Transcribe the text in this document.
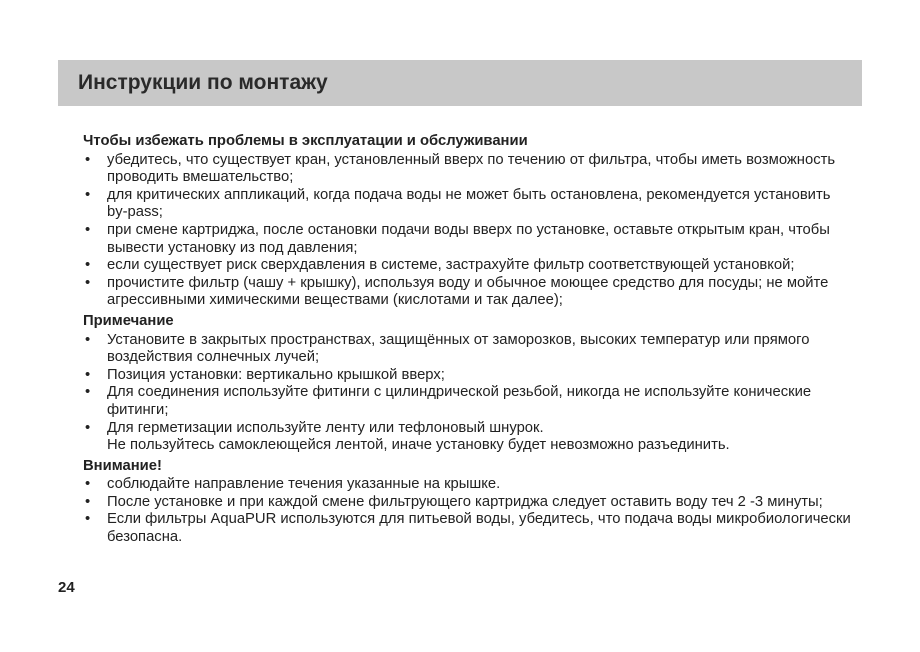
Инструкции по монтажу

Чтобы избежать проблемы в эксплуатации и обслуживании

• убедитесь, что существует кран, установленный вверх по течению от фильтра, чтобы иметь возможность проводить вмешательство;
• для критических аппликаций, когда подача воды не может быть остановлена, рекомендуется установить by-pass;
• при смене картриджа, после остановки подачи воды вверх по установке, оставьте открытым кран, чтобы вывести установку из под давления;
• если существует риск сверхдавления в системе, застрахуйте фильтр соответствующей установкой;
• прочистите фильтр (чашу + крышку), используя воду и обычное моющее средство для посуды; не мойте агрессивными химическими веществами (кислотами и так далее);

Примечание

• Установите в закрытых пространствах, защищённых от заморозков, высоких температур или прямого воздействия солнечных лучей;
• Позиция установки: вертикально крышкой вверх;
• Для соединения используйте фитинги с цилиндрической резьбой, никогда не используйте конические фитинги;
• Для герметизации используйте ленту или тефлоновый шнурок.
Не пользуйтесь самоклеющейся лентой, иначе установку будет невозможно разъединить.

Внимание!

• соблюдайте направление течения указанные на крышке.
• После установке и при каждой смене фильтрующего картриджа следует оставить воду теч 2 -3 минуты;
• Если фильтры AquaPUR используются для питьевой воды, убедитесь, что подача воды микробиологически безопасна.
24
